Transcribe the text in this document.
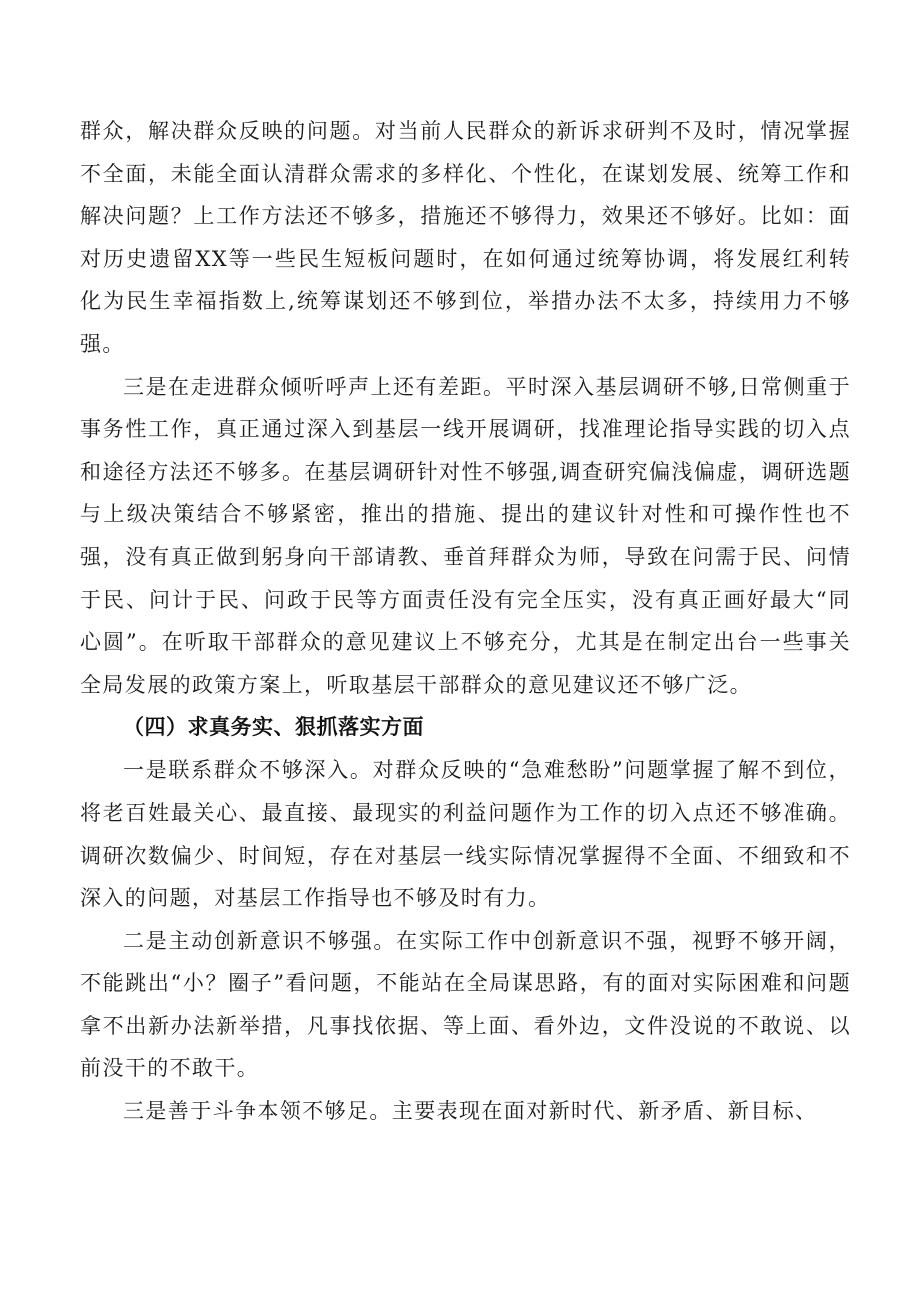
群众，解决群众反映的问题。对当前人民群众的新诉求研判不及时，情况掌握不全面，未能全面认清群众需求的多样化、个性化，在谋划发展、统筹工作和解决问题？上工作方法还不够多，措施还不够得力，效果还不够好。比如：面对历史遗留XX等一些民生短板问题时，在如何通过统筹协调，将发展红利转化为民生幸福指数上,统筹谋划还不够到位，举措办法不太多，持续用力不够强。

三是在走进群众倾听呼声上还有差距。平时深入基层调研不够,日常侧重于事务性工作，真正通过深入到基层一线开展调研，找准理论指导实践的切入点和途径方法还不够多。在基层调研针对性不够强,调查研究偏浅偏虚，调研选题与上级决策结合不够紧密，推出的措施、提出的建议针对性和可操作性也不强，没有真正做到躬身向干部请教、垂首拜群众为师，导致在问需于民、问情于民、问计于民、问政于民等方面责任没有完全压实，没有真正画好最大“同心圆”。在听取干部群众的意见建议上不够充分，尤其是在制定出台一些事关全局发展的政策方案上，听取基层干部群众的意见建议还不够广泛。

（四）求真务实、狠抓落实方面

一是联系群众不够深入。对群众反映的“急难愁盼”问题掌握了解不到位，将老百姓最关心、最直接、最现实的利益问题作为工作的切入点还不够准确。调研次数偏少、时间短，存在对基层一线实际情况掌握得不全面、不细致和不深入的问题，对基层工作指导也不够及时有力。

二是主动创新意识不够强。在实际工作中创新意识不强，视野不够开阔，不能跳出“小？圈子”看问题，不能站在全局谋思路，有的面对实际困难和问题拿不出新办法新举措，凡事找依据、等上面、看外边，文件没说的不敢说、以前没干的不敢干。

三是善于斗争本领不够足。主要表现在面对新时代、新矛盾、新目标、
